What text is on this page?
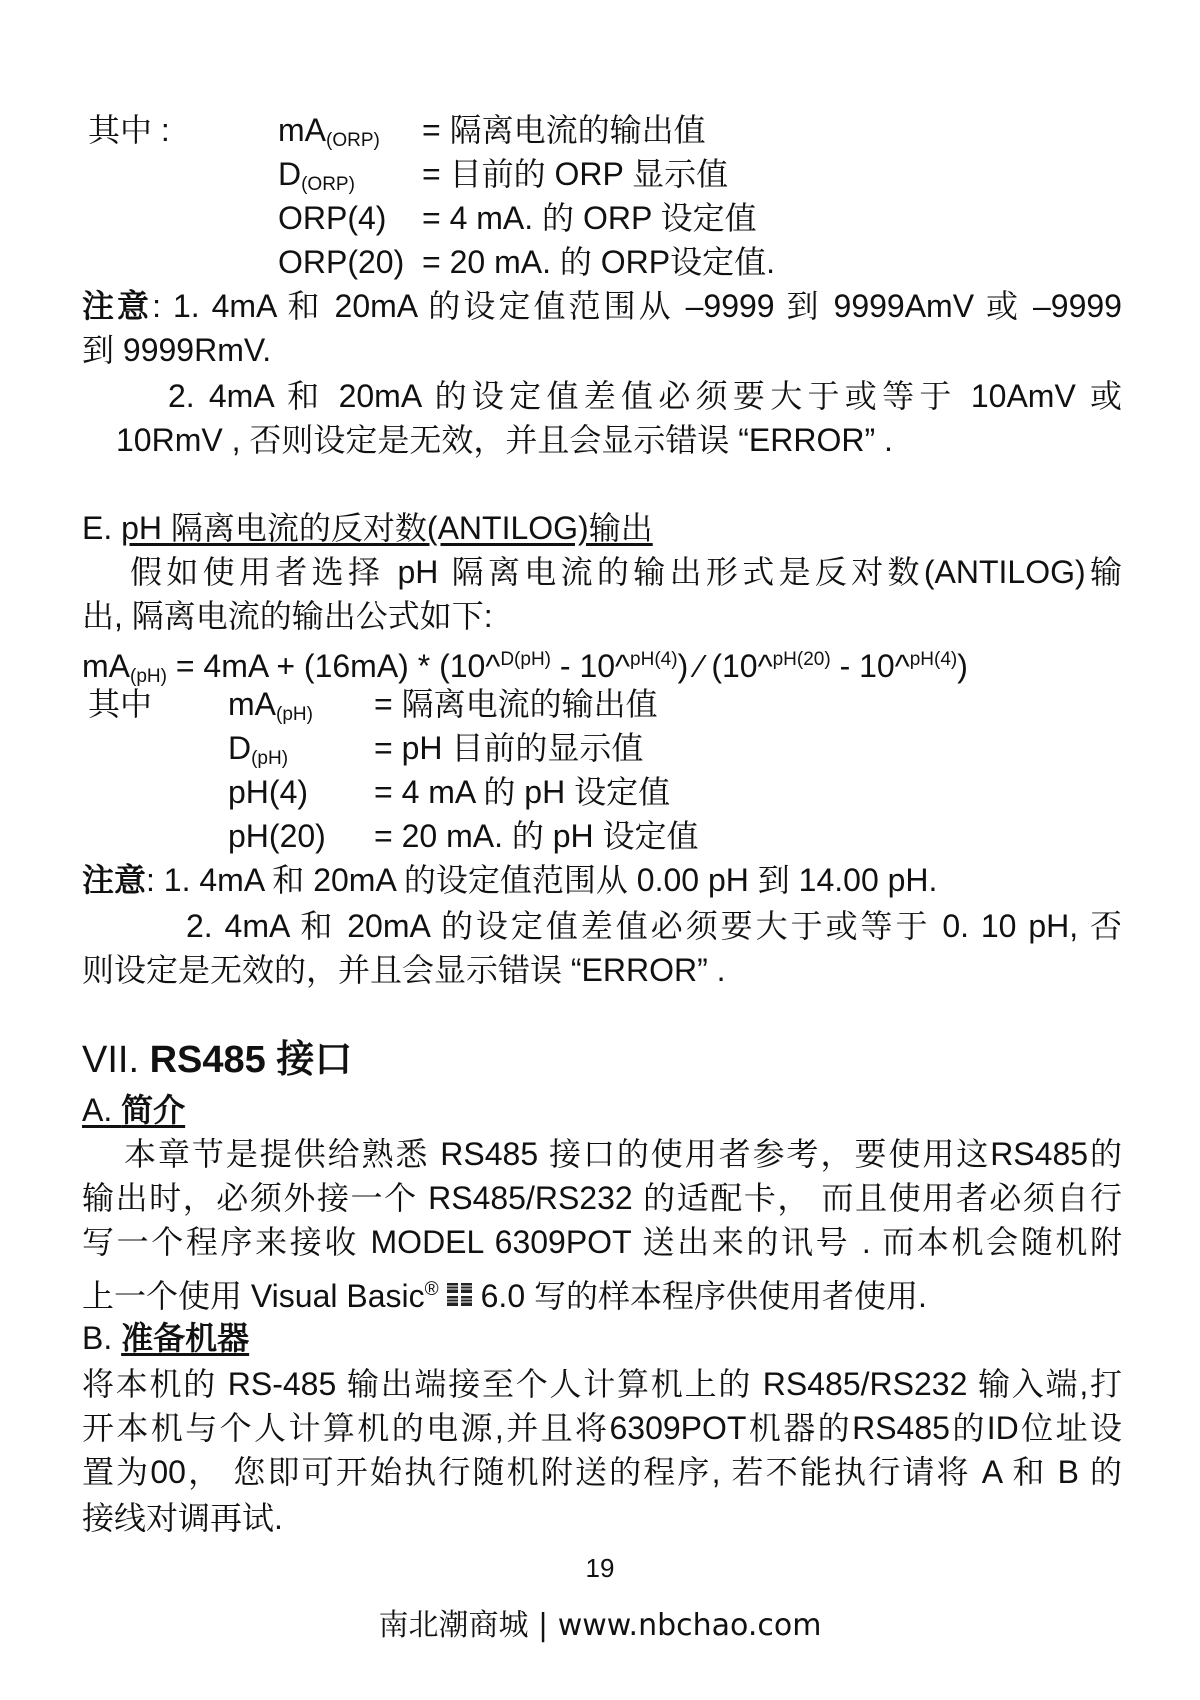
其中 :	$mA_{(ORP)}$ = 隔离电流的输出值
$D_{(ORP)}$ = 目前的 ORP 显示值
ORP(4) = 4 mA. 的 ORP 设定值
ORP(20) = 20 mA. 的 ORP设定值.
注意: 1. 4mA 和 20mA 的设定值范围从 –9999 到 9999AmV 或 –9999
到 9999RmV.
2. 4mA 和 20mA 的设定值差值必须要大于或等于 10AmV 或
10RmV , 否则设定是无效，并且会显示错误 “ERROR” .
E. pH 隔离电流的反对数(ANTILOG)输出
假如使用者选择 pH 隔离电流的输出形式是反对数(ANTILOG)输
出, 隔离电流的输出公式如下:
$mA_{(pH)} = 4mA + (16mA)$ * (10^$^{D(pH)}$ - 10^$^{pH(4)}$) ∕ (10^$^{pH(20)}$ - 10^$^{pH(4)}$)
其中 $mA_{(pH)}$ = 隔离电流的输出值
$D_{(pH)}$	= pH 目前的显示值
pH(4) = 4 mA 的 pH 设定值
pH(20) = 20 mA. 的 pH 设定值
注意: 1. 4mA 和 20mA 的设定值范围从 0.00 pH 到 14.00 pH.
2. 4mA 和 20mA 的设定值差值必须要大于或等于 0. 10 pH, 否
则设定是无效的，并且会显示错误 “ERROR” .
VII. RS485 接口
A. 简介
本章节是提供给熟悉 RS485 接口的使用者参考，要使用这RS485的
输出时，必须外接一个 RS485/RS232 的适配卡， 而且使用者必须自行
写一个程序来接收 MODEL 6309POT 送出来的讯号 . 而本机会随机附
上一个使用 Visual Basic® 6.0 写的样本程序供使用者使用.
B. 准备机器
将本机的 RS-485 输出端接至个人计算机上的 RS485/RS232 输入端,打
开本机与个人计算机的电源,并且将6309POT机器的RS485的ID位址设
置为00， 您即可开始执行随机附送的程序, 若不能执行请将 A 和 B 的
接线对调再试.
19
南北潮商城 | www.nbchao.com
